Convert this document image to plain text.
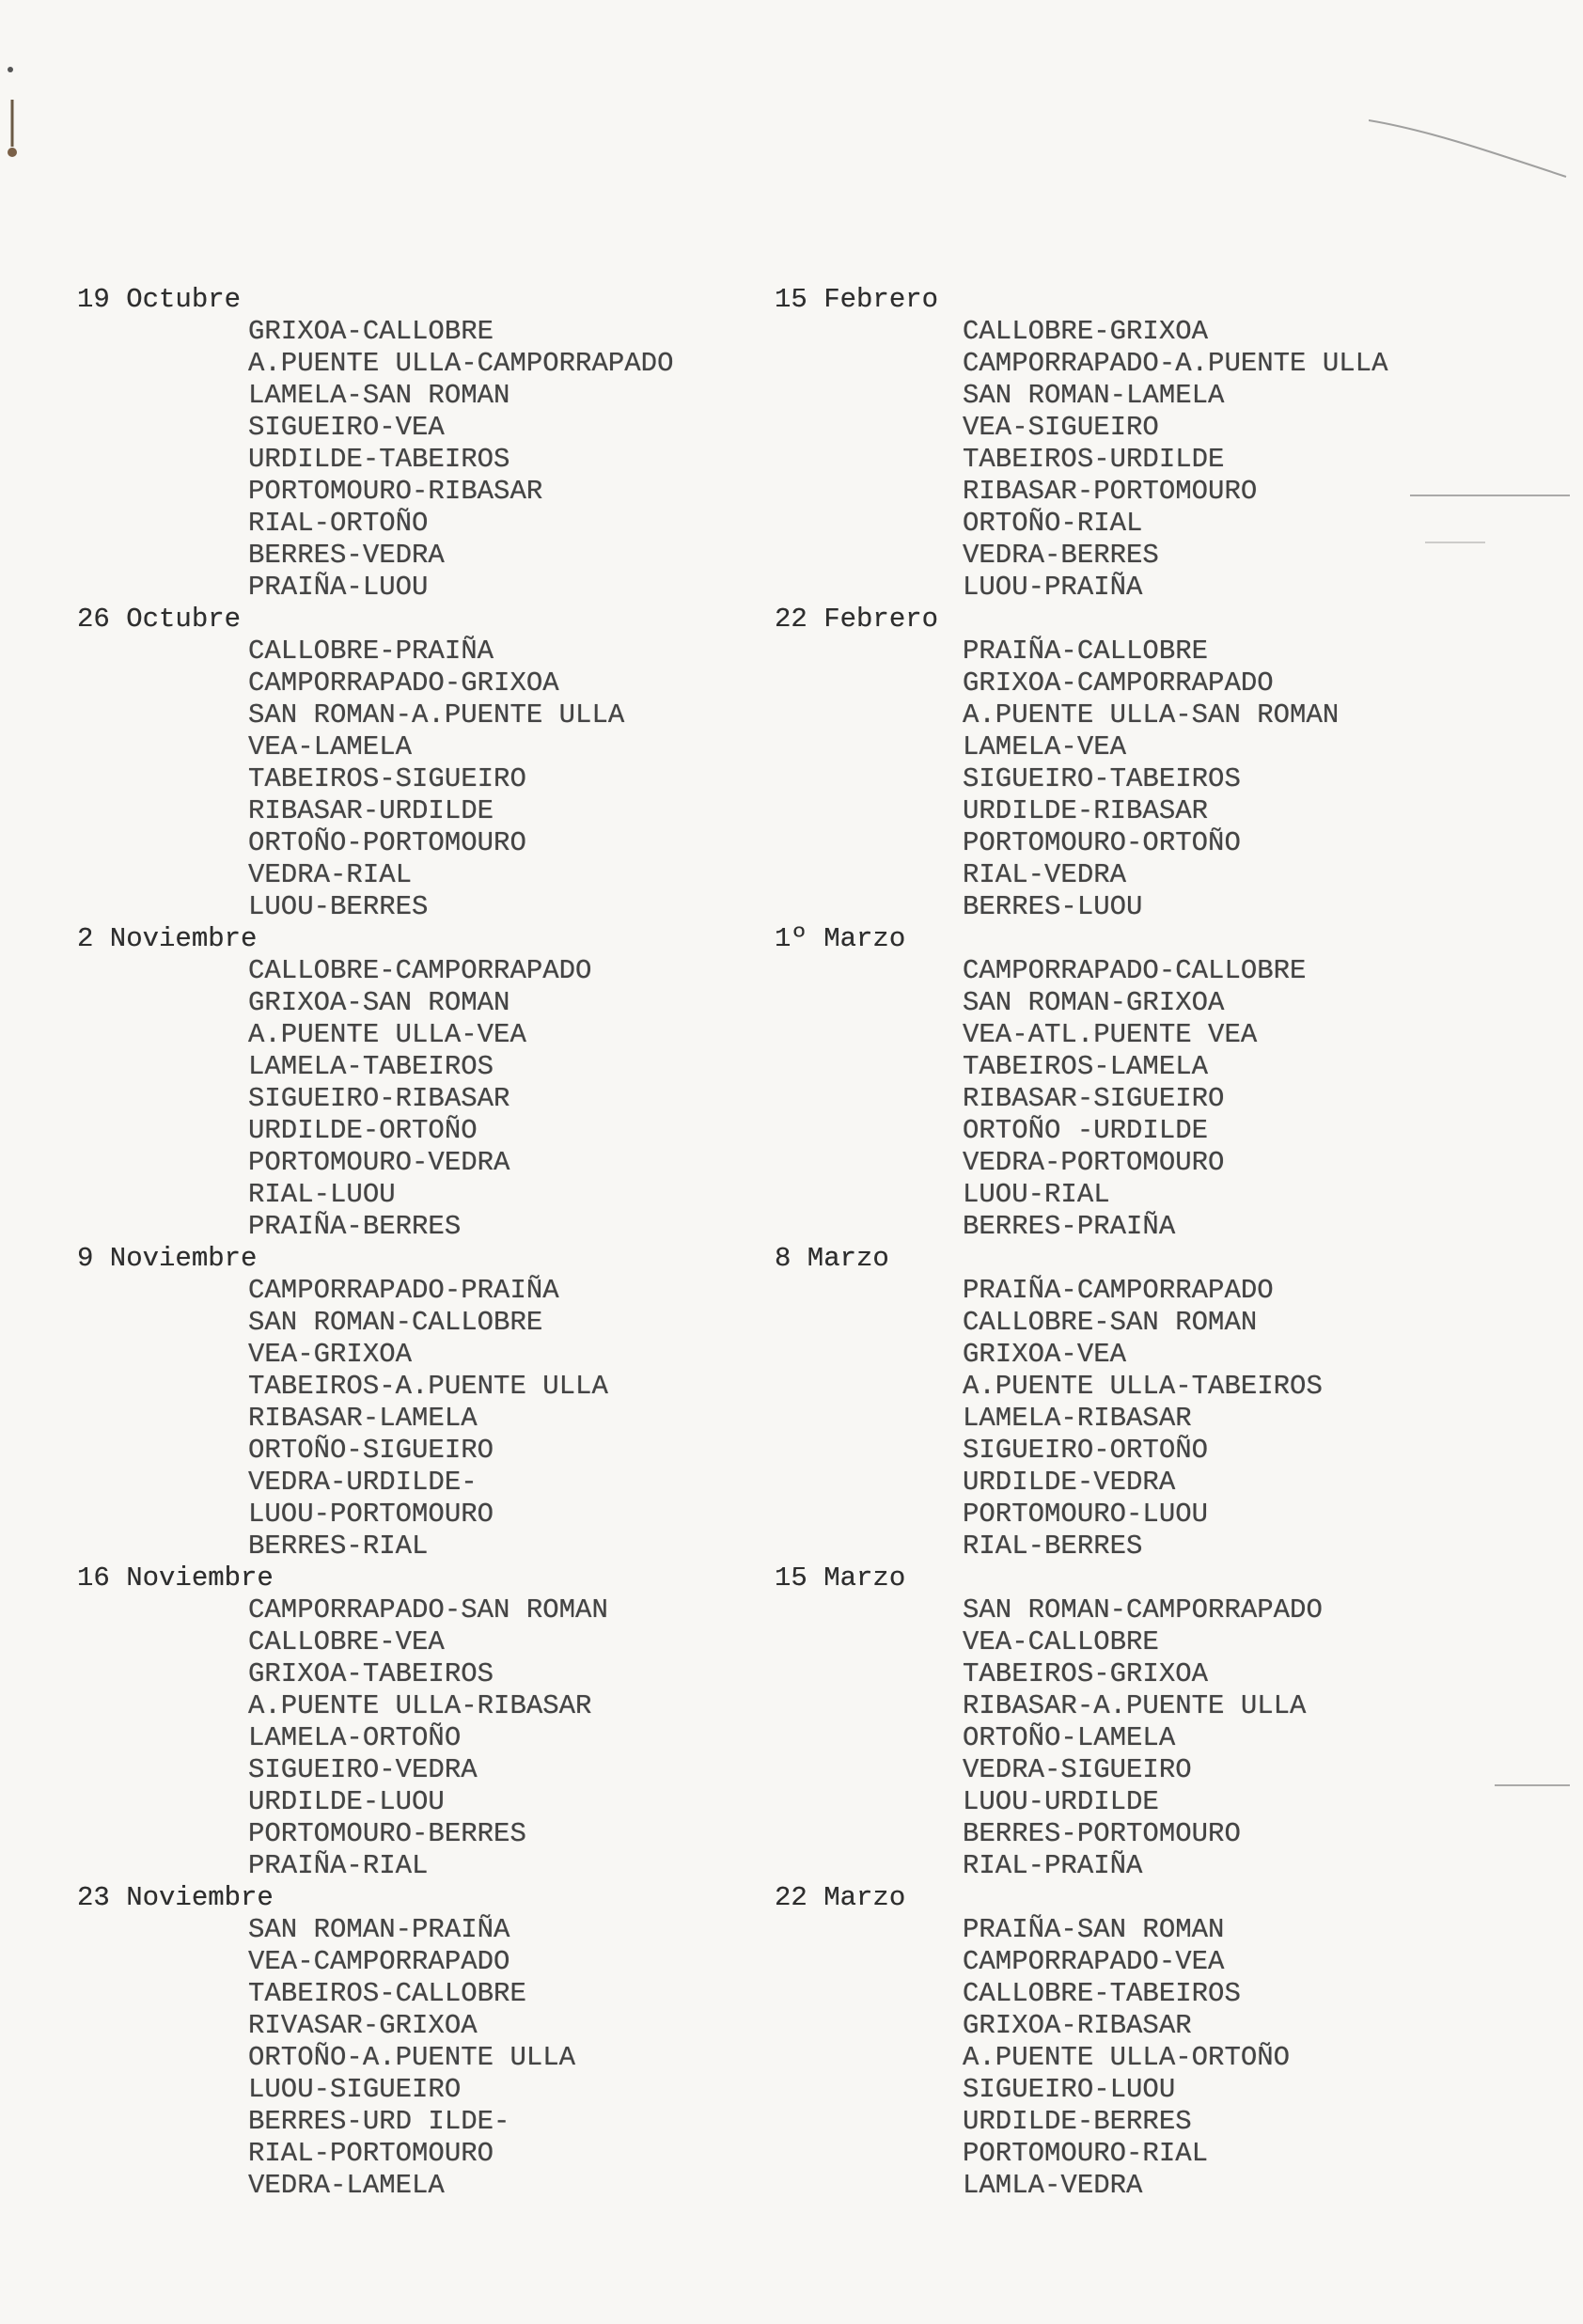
19 Octubre
GRIXOA-CALLOBRE
A.PUENTE ULLA-CAMPORRAPADO
LAMELA-SAN ROMAN
SIGUEIRO-VEA
URDILDE-TABEIROS
PORTOMOURO-RIBASAR
RIAL-ORTOÑO
BERRES-VEDRA
PRAIÑA-LUOU
26 Octubre
CALLOBRE-PRAIÑA
CAMPORRAPADO-GRIXOA
SAN ROMAN-A.PUENTE ULLA
VEA-LAMELA
TABEIROS-SIGUEIRO
RIBASAR-URDILDE
ORTOÑO-PORTOMOURO
VEDRA-RIAL
LUOU-BERRES
2 Noviembre
CALLOBRE-CAMPORRAPADO
GRIXOA-SAN ROMAN
A.PUENTE ULLA-VEA
LAMELA-TABEIROS
SIGUEIRO-RIBASAR
URDILDE-ORTOÑO
PORTOMOURO-VEDRA
RIAL-LUOU
PRAIÑA-BERRES
9 Noviembre
CAMPORRAPADO-PRAIÑA
SAN ROMAN-CALLOBRE
VEA-GRIXOA
TABEIROS-A.PUENTE ULLA
RIBASAR-LAMELA
ORTOÑO-SIGUEIRO
VEDRA-URDILDE-
LUOU-PORTOMOURO
BERRES-RIAL
16 Noviembre
CAMPORRAPADO-SAN ROMAN
CALLOBRE-VEA
GRIXOA-TABEIROS
A.PUENTE ULLA-RIBASAR
LAMELA-ORTOÑO
SIGUEIRO-VEDRA
URDILDE-LUOU
PORTOMOURO-BERRES
PRAIÑA-RIAL
23 Noviembre
SAN ROMAN-PRAIÑA
VEA-CAMPORRAPADO
TABEIROS-CALLOBRE
RIVASAR-GRIXOA
ORTOÑO-A.PUENTE ULLA
LUOU-SIGUEIRO
BERRES-URD ILDE-
RIAL-PORTOMOURO
VEDRA-LAMELA
15 Febrero
CALLOBRE-GRIXOA
CAMPORRAPADO-A.PUENTE ULLA
SAN ROMAN-LAMELA
VEA-SIGUEIRO
TABEIROS-URDILDE
RIBASAR-PORTOMOURO
ORTOÑO-RIAL
VEDRA-BERRES
LUOU-PRAIÑA
22 Febrero
PRAIÑA-CALLOBRE
GRIXOA-CAMPORRAPADO
A.PUENTE ULLA-SAN ROMAN
LAMELA-VEA
SIGUEIRO-TABEIROS
URDILDE-RIBASAR
PORTOMOURO-ORTOÑO
RIAL-VEDRA
BERRES-LUOU
1º Marzo
CAMPORRAPADO-CALLOBRE
SAN ROMAN-GRIXOA
VEA-ATL.PUENTE VEA
TABEIROS-LAMELA
RIBASAR-SIGUEIRO
ORTOÑO -URDILDE
VEDRA-PORTOMOURO
LUOU-RIAL
BERRES-PRAIÑA
8 Marzo
PRAIÑA-CAMPORRAPADO
CALLOBRE-SAN ROMAN
GRIXOA-VEA
A.PUENTE ULLA-TABEIROS
LAMELA-RIBASAR
SIGUEIRO-ORTOÑO
URDILDE-VEDRA
PORTOMOURO-LUOU
RIAL-BERRES
15 Marzo
SAN ROMAN-CAMPORRAPADO
VEA-CALLOBRE
TABEIROS-GRIXOA
RIBASAR-A.PUENTE ULLA
ORTOÑO-LAMELA
VEDRA-SIGUEIRO
LUOU-URDILDE
BERRES-PORTOMOURO
RIAL-PRAIÑA
22 Marzo
PRAIÑA-SAN ROMAN
CAMPORRAPADO-VEA
CALLOBRE-TABEIROS
GRIXOA-RIBASAR
A.PUENTE ULLA-ORTOÑO
SIGUEIRO-LUOU
URDILDE-BERRES
PORTOMOURO-RIAL
LAMLA-VEDRA
